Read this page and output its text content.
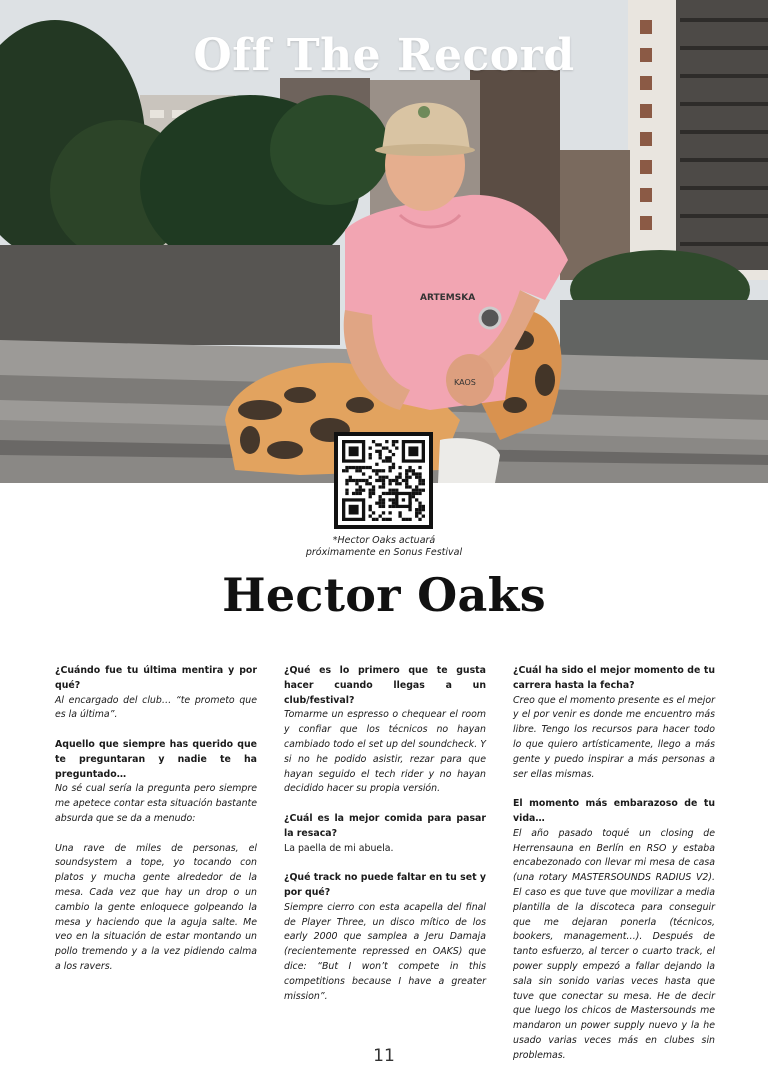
ARTEMSKA
KAOS
Off The Record
*Hector Oaks actuará
próximamente en Sonus Festival
Hector Oaks
¿Cuándo fue tu última mentira y por qué?
Al encargado del club… “te prometo que es la última”.
Aquello que siempre has querido que te preguntaran y nadie te ha preguntado…
No sé cual sería la pregunta pero siempre me apetece contar esta situación bastante absurda que se da a menudo:
Una rave de miles de personas, el soundsystem a tope, yo tocando con platos y mucha gente alrededor de la mesa. Cada vez que hay un drop o un cambio la gente enloquece golpeando la mesa y haciendo que la aguja salte. Me veo en la situación de estar montando un pollo tremendo y a la vez pidiendo calma a los ravers.
¿Qué es lo primero que te gusta hacer cuando llegas a un club/festival?
Tomarme un espresso o chequear el room y confiar que los técnicos no hayan cambiado todo el set up del soundcheck. Y si no he podido asistir, rezar para que hayan seguido el tech rider y no hayan decidido hacer su propia versión.
¿Cuál es la mejor comida para pasar la resaca?
La paella de mi abuela.
¿Qué track no puede faltar en tu set y por qué?
Siempre cierro con esta acapella del final de Player Three, un disco mítico de los early 2000 que samplea a Jeru Damaja (recientemente repressed en OAKS) que dice: “But I won’t compete in this competitions because I have a greater mission”.
¿Cuál ha sido el mejor momento de tu carrera hasta la fecha?
Creo que el momento presente es el mejor y el por venir es donde me encuentro más libre. Tengo los recursos para hacer todo lo que quiero artísticamente, llego a más gente y puedo inspirar a más personas a ser ellas mismas.
El momento más embarazoso de tu vida…
El año pasado toqué un closing de Herrensauna en Berlín en RSO y estaba encabezonado con llevar mi mesa de casa (una rotary MASTERSOUNDS RADIUS V2). El caso es que tuve que movilizar a media plantilla de la discoteca para conseguir que me dejaran ponerla (técnicos, bookers, management…). Después de tanto esfuerzo, al tercer o cuarto track, el power supply empezó a fallar dejando la sala sin sonido varias veces hasta que tuve que conectar su mesa. He de decir que luego los chicos de Mastersounds me mandaron un power supply nuevo y la he usado varias veces más en clubes sin problemas.
11
